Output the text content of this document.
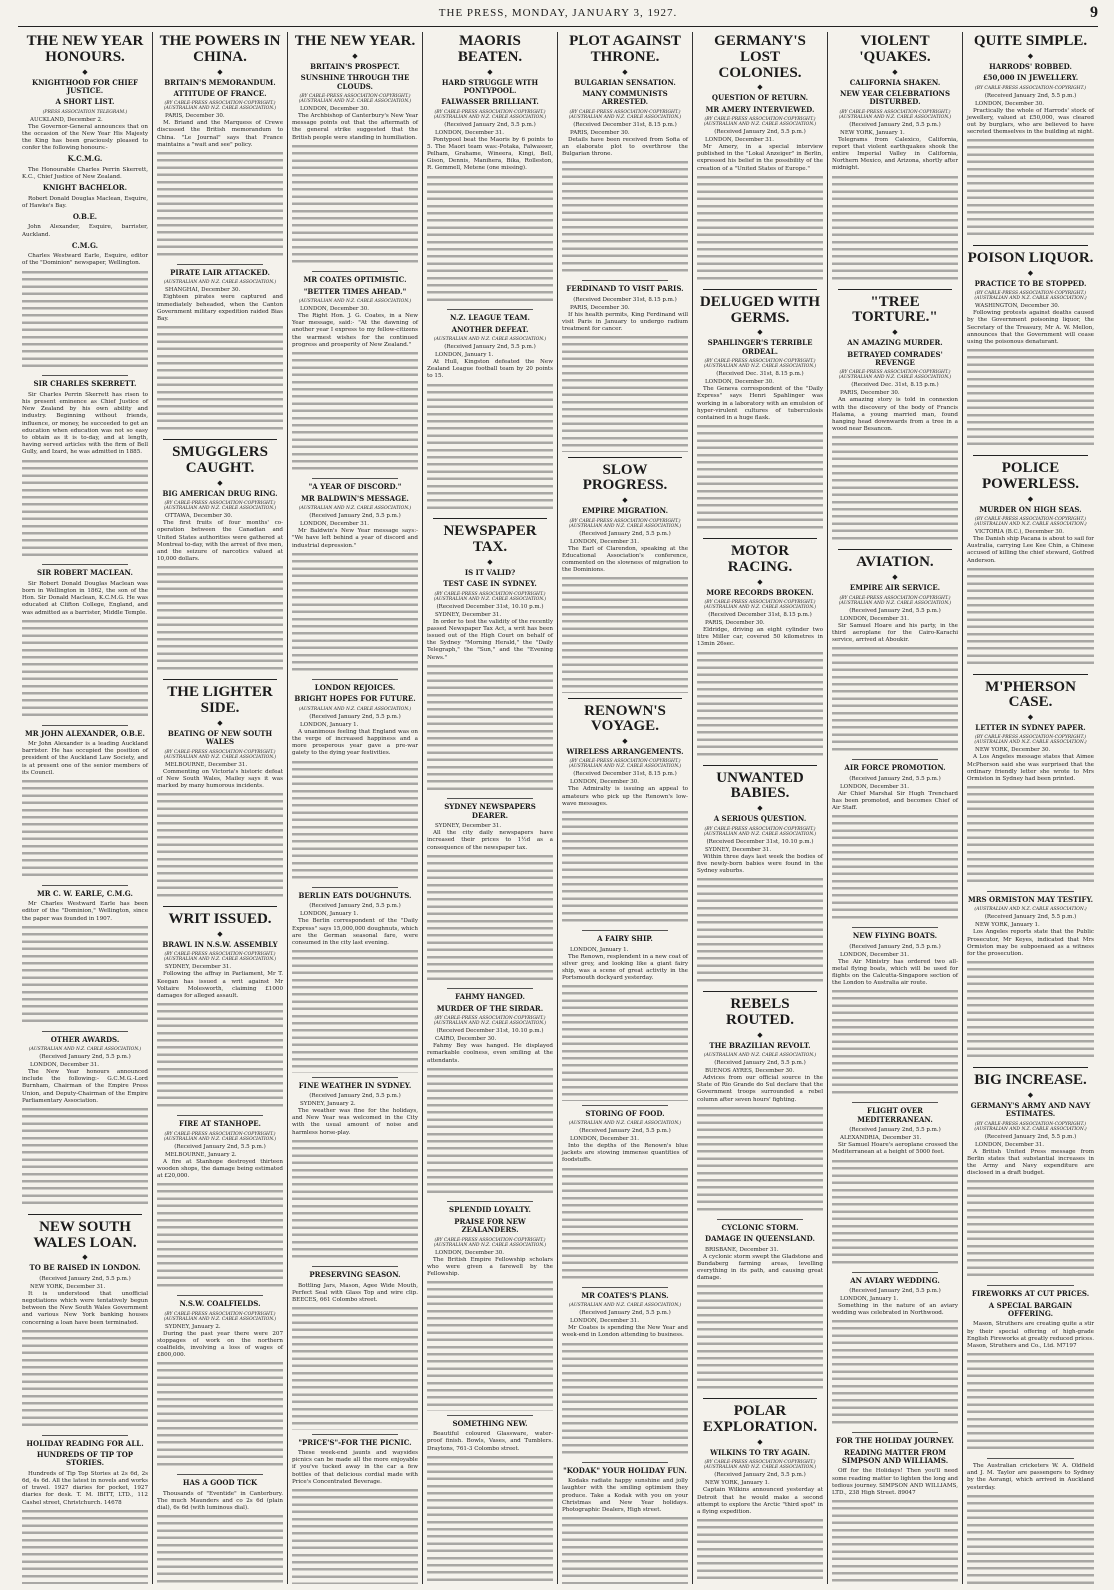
THE PRESS, MONDAY, JANUARY 3, 1927.	9
THE NEW YEAR HONOURS.
◆
KNIGHTHOOD FOR CHIEF JUSTICE.
A SHORT LIST.
(PRESS ASSOCIATION TELEGRAM.)
AUCKLAND, December 2.

The Governor-General announces that on the occasion of the New Year His Majesty the King has been graciously pleased to confer the following honours:-

K.C.M.G.

The Honourable Charles Perrin Skerrett, K.C., Chief Justice of New Zealand.

KNIGHT BACHELOR.

Robert Donald Douglas Maclean, Esquire, of Hawke's Bay.

O.B.E.

John Alexander, Esquire, barrister, Auckland.

C.M.G.

Charles Westward Earle, Esquire, editor of the "Dominion" newspaper, Wellington.

SIR CHARLES SKERRETT.

Sir Charles Perrin Skerrett has risen to his present eminence as Chief Justice of New Zealand by his own ability and industry. Beginning without friends, influence, or money, he succeeded to get an education when education was not so easy to obtain as it is to-day, and at length, having served articles with the firm of Bell Gully, and Izard, he was admitted in 1885.

SIR ROBERT MACLEAN.

Sir Robert Donald Douglas Maclean was born in Wellington in 1862, the son of the Hon. Sir Donald Maclean, K.C.M.G. He was educated at Clifton College, England, and was admitted as a barrister, Middle Temple.

MR JOHN ALEXANDER, O.B.E.

Mr John Alexander is a leading Auckland barrister. He has occupied the position of president of the Auckland Law Society, and is at present one of the senior members of its Council.

MR C. W. EARLE, C.M.G.

Mr Charles Westward Earle has been editor of the "Dominion," Wellington, since the paper was founded in 1907.

OTHER AWARDS.
(AUSTRALIAN AND N.Z. CABLE ASSOCIATION.)
(Received January 2nd, 5.5 p.m.)
LONDON, December 31.

The New Year honours announced include the following:- G.C.M.G.-Lord Burnham, Chairman of the Empire Press Union, and Deputy-Chairman of the Empire Parliamentary Association.

NEW SOUTH WALES LOAN.
◆
TO BE RAISED IN LONDON.
(Received January 2nd, 5.5 p.m.)
NEW YORK, December 31.

It is understood that unofficial negotiations which were tentatively begun between the New South Wales Government and various New York banking houses concerning a loan have been terminated.

HOLIDAY READING FOR ALL.
HUNDREDS OF TIP TOP STORIES.

Hundreds of Tip Top Stories at 2s 6d, 2s 6d, 4s 6d. All the latest in novels and works of travel. 1927 diaries for pocket, 1927 diaries for desk. T. M. IBITT, LTD., 112 Cashel street, Christchurch. 14678

THE POWERS IN CHINA.
◆
BRITAIN'S MEMORANDUM.
ATTITUDE OF FRANCE.
(BY CABLE-PRESS ASSOCIATION-COPYRIGHT.) (AUSTRALIAN AND N.Z. CABLE ASSOCIATION.)
PARIS, December 30.

M. Briand and the Marquess of Crewe discussed the British memorandum to China. "Le Journal" says that France maintains a "wait and see" policy.

PIRATE LAIR ATTACKED.
(AUSTRALIAN AND N.Z. CABLE ASSOCIATION.)
SHANGHAI, December 30.

Eighteen pirates were captured and immediately beheaded, when the Canton Government military expedition raided Bias Bay.

SMUGGLERS CAUGHT.
◆
BIG AMERICAN DRUG RING.
(BY CABLE-PRESS ASSOCIATION-COPYRIGHT.) (AUSTRALIAN AND N.Z. CABLE ASSOCIATION.)
OTTAWA, December 30.

The first fruits of four months' co-operation between the Canadian and United States authorities were gathered at Montreal to-day, with the arrest of five men, and the seizure of narcotics valued at 10,000 dollars.

THE LIGHTER SIDE.
◆
BEATING OF NEW SOUTH WALES
(BY CABLE-PRESS ASSOCIATION-COPYRIGHT.) (AUSTRALIAN AND N.Z. CABLE ASSOCIATION.)
MELBOURNE, December 31.

Commenting on Victoria's historic defeat of New South Wales, Mailey says it was marked by many humorous incidents.

WRIT ISSUED.
◆
BRAWL IN N.S.W. ASSEMBLY
(BY CABLE-PRESS ASSOCIATION-COPYRIGHT.) (AUSTRALIAN AND N.Z. CABLE ASSOCIATION.)
SYDNEY, December 31.

Following the affray in Parliament, Mr T. Keegan has issued a writ against Mr Voltaire Molesworth, claiming £1000 damages for alleged assault.

FIRE AT STANHOPE.
(BY CABLE-PRESS ASSOCIATION-COPYRIGHT.) (AUSTRALIAN AND N.Z. CABLE ASSOCIATION.)
(Received January 2nd, 5.5 p.m.)
MELBOURNE, January 2.

A fire at Stanhope destroyed thirteen wooden shops, the damage being estimated at £20,000.

N.S.W. COALFIELDS.
(BY CABLE-PRESS ASSOCIATION-COPYRIGHT.) (AUSTRALIAN AND N.Z. CABLE ASSOCIATION.)
SYDNEY, January 2.

During the past year there were 207 stoppages of work on the northern coalfields, involving a loss of wages of £800,000.

HAS A GOOD TICK

Thousands of "Eventide" in Canterbury. The much Maunders and co 2s 6d (plain dial), 6s 6d (with luminous dial).

THE NEW YEAR.
◆
BRITAIN'S PROSPECT.
SUNSHINE THROUGH THE CLOUDS.
(BY CABLE-PRESS ASSOCIATION-COPYRIGHT.) (AUSTRALIAN AND N.Z. CABLE ASSOCIATION.)
LONDON, December 30.

The Archbishop of Canterbury's New Year message points out that the aftermath of the general strike suggested that the British people were standing in humiliation.

MR COATES OPTIMISTIC.
"BETTER TIMES AHEAD."
(AUSTRALIAN AND N.Z. CABLE ASSOCIATION.)
LONDON, December 30.

The Right Hon. J. G. Coates, in a New Year message, said:- "At the dawning of another year I express to my fellow-citizens the warmest wishes for the continued progress and prosperity of New Zealand."

"A YEAR OF DISCORD."
MR BALDWIN'S MESSAGE.
(AUSTRALIAN AND N.Z. CABLE ASSOCIATION.)
(Received January 2nd, 5.5 p.m.)
LONDON, December 31.

Mr Baldwin's New Year message says:- "We have left behind a year of discord and industrial depression."

LONDON REJOICES.
BRIGHT HOPES FOR FUTURE.
(AUSTRALIAN AND N.Z. CABLE ASSOCIATION.)
(Received January 2nd, 5.5 p.m.)
LONDON, January 1.

A unanimous feeling that England was on the verge of increased happiness and a more prosperous year gave a pre-war gaiety to the dying year festivities.

BERLIN EATS DOUGHNUTS.
(Received January 2nd, 5.5 p.m.)
LONDON, January 1.

The Berlin correspondent of the "Daily Express" says 15,000,000 doughnuts, which are the German seasonal fare, were consumed in the city last evening.

FINE WEATHER IN SYDNEY.
(Received January 2nd, 5.5 p.m.)
SYDNEY, January 2.

The weather was fine for the holidays, and New Year was welcomed in the City with the usual amount of noise and harmless horse-play.

PRESERVING SEASON.

Bottling Jars, Mason, Agee Wide Mouth, Perfect Seal with Glass Top and wire clip. BEECES, 661 Colombo street.

"PRICE'S"-FOR THE PICNIC.

These week-end jaunts and waysides picnics can be made all the more enjoyable if you've tucked away in the car a few bottles of that delicious cordial made with Price's Concentrated Beverage.

MAORIS BEATEN.
◆
HARD STRUGGLE WITH PONTYPOOL.
FALWASSER BRILLIANT.
(BY CABLE-PRESS ASSOCIATION-COPYRIGHT.) (AUSTRALIAN AND N.Z. CABLE ASSOCIATION.)
(Received January 2nd, 5.5 p.m.)
LONDON, December 31.

Pontypool beat the Maoris by 6 points to 5. The Maori team was:-Potaka, Falwasser, Pelham, Grahame, Wineera, Kingi, Bell, Gison, Dennis, Manihera, Bika, Rolleston, R. Gemmell, Metene (one missing).

N.Z. LEAGUE TEAM.
ANOTHER DEFEAT.
(AUSTRALIAN AND N.Z. CABLE ASSOCIATION.)
(Received January 2nd, 5.5 p.m.)
LONDON, January 1.

At Hull, Kingston defeated the New Zealand League football team by 20 points to 15.

NEWSPAPER TAX.
◆
IS IT VALID?
TEST CASE IN SYDNEY.
(BY CABLE-PRESS ASSOCIATION-COPYRIGHT.) (AUSTRALIAN AND N.Z. CABLE ASSOCIATION.)
(Received December 31st, 10.10 p.m.)
SYDNEY, December 31.

In order to test the validity of the recently passed Newspaper Tax Act, a writ has been issued out of the High Court on behalf of the Sydney "Morning Herald," the "Daily Telegraph," the "Sun," and the "Evening News."

SYDNEY NEWSPAPERS DEARER.
SYDNEY, December 31.

All the city daily newspapers have increased their prices to 1½d as a consequence of the newspaper tax.

FAHMY HANGED.
MURDER OF THE SIRDAR.
(BY CABLE-PRESS ASSOCIATION-COPYRIGHT.) (AUSTRALIAN AND N.Z. CABLE ASSOCIATION.)
(Received December 31st, 10.10 p.m.)
CAIRO, December 30.

Fahmy Bey was hanged. He displayed remarkable coolness, even smiling at the attendants.

SPLENDID LOYALTY.
PRAISE FOR NEW ZEALANDERS.
(BY CABLE-PRESS ASSOCIATION-COPYRIGHT.) (AUSTRALIAN AND N.Z. CABLE ASSOCIATION.)
LONDON, December 30.

The British Empire Fellowship scholars who were given a farewell by the Fellowship.

SOMETHING NEW.

Beautiful coloured Glassware, water-proof finish. Bowls, Vases, and Tumblers. Draytons, 761-3 Colombo street.

PLOT AGAINST THRONE.
◆
BULGARIAN SENSATION.
MANY COMMUNISTS ARRESTED.
(BY CABLE-PRESS ASSOCIATION-COPYRIGHT.) (AUSTRALIAN AND N.Z. CABLE ASSOCIATION.)
(Received December 31st, 8.15 p.m.)
PARIS, December 30.

Details have been received from Sofia of an elaborate plot to overthrow the Bulgarian throne.

FERDINAND TO VISIT PARIS.
(Received December 31st, 8.15 p.m.)
PARIS, December 30.

If his health permits, King Ferdinand will visit Paris in January to undergo radium treatment for cancer.

SLOW PROGRESS.
◆
EMPIRE MIGRATION.
(BY CABLE-PRESS ASSOCIATION-COPYRIGHT.) (AUSTRALIAN AND N.Z. CABLE ASSOCIATION.)
(Received January 2nd, 5.5 p.m.)
LONDON, December 31.

The Earl of Clarendon, speaking at the Educational Association's conference, commented on the slowness of migration to the Dominions.

RENOWN'S VOYAGE.
◆
WIRELESS ARRANGEMENTS.
(BY CABLE-PRESS ASSOCIATION-COPYRIGHT.) (AUSTRALIAN AND N.Z. CABLE ASSOCIATION.)
(Received December 31st, 8.15 p.m.)
LONDON, December 30.

The Admiralty is issuing an appeal to amateurs who pick up the Renown's low-wave messages.

A FAIRY SHIP.
LONDON, January 1.

The Renown, resplendent in a new coat of silver grey, and looking like a giant fairy ship, was a scene of great activity in the Portsmouth dockyard yesterday.

STORING OF FOOD.
(AUSTRALIAN AND N.Z. CABLE ASSOCIATION.)
(Received January 2nd, 5.5 p.m.)
LONDON, December 31.

Into the depths of the Renown's blue jackets are stowing immense quantities of foodstuffs.

MR COATES'S PLANS.
(AUSTRALIAN AND N.Z. CABLE ASSOCIATION.)
(Received January 2nd, 5.5 p.m.)
LONDON, December 31.

Mr Coates is spending the New Year and week-end in London attending to business.

"KODAK" YOUR HOLIDAY FUN.

Kodaks radiate happy sunshine and jolly laughter with the smiling optimism they produce. Take a Kodak with you on your Christmas and New Year holidays. Photographic Dealers, High street.

GERMANY'S LOST COLONIES.
◆
QUESTION OF RETURN.
MR AMERY INTERVIEWED.
(BY CABLE-PRESS ASSOCIATION-COPYRIGHT.) (AUSTRALIAN AND N.Z. CABLE ASSOCIATION.)
(Received January 2nd, 5.5 p.m.)
LONDON, December 31.

Mr Amery, in a special interview published in the "Lokal Anzeiger" in Berlin, expressed his belief in the possibility of the creation of a "United States of Europe."

DELUGED WITH GERMS.
◆
SPAHLINGER'S TERRIBLE ORDEAL.
(BY CABLE-PRESS ASSOCIATION-COPYRIGHT.) (AUSTRALIAN AND N.Z. CABLE ASSOCIATION.)
(Received Dec. 31st, 8.15 p.m.)
LONDON, December 30.

The Geneva correspondent of the "Daily Express" says Henri Spahlinger was working in a laboratory with an emulsion of hyper-virulent cultures of tuberculosis contained in a huge flask.

MOTOR RACING.
◆
MORE RECORDS BROKEN.
(BY CABLE-PRESS ASSOCIATION-COPYRIGHT.) (AUSTRALIAN AND N.Z. CABLE ASSOCIATION.)
(Received December 31st, 8.15 p.m.)
PARIS, December 30.

Eldridge, driving an eight cylinder two litre Miller car, covered 50 kilometres in 13min 26sec.

UNWANTED BABIES.
◆
A SERIOUS QUESTION.
(BY CABLE-PRESS ASSOCIATION-COPYRIGHT.) (AUSTRALIAN AND N.Z. CABLE ASSOCIATION.)
(Received December 31st, 10.10 p.m.)
SYDNEY, December 31.

Within three days last week the bodies of five newly-born babies were found in the Sydney suburbs.

REBELS ROUTED.
◆
THE BRAZILIAN REVOLT.
(AUSTRALIAN AND N.Z. CABLE ASSOCIATION.)
(Received January 2nd, 5.5 p.m.)
BUENOS AYRES, December 30.

Advices from our official source in the State of Rio Grande do Sul declare that the Government troops surrounded a rebel column after seven hours' fighting.

CYCLONIC STORM.
DAMAGE IN QUEENSLAND.
BRISBANE, December 31.

A cyclonic storm swept the Gladstone and Bundaberg farming areas, levelling everything in its path, and causing great damage.

POLAR EXPLORATION.
◆
WILKINS TO TRY AGAIN.
(BY CABLE-PRESS ASSOCIATION-COPYRIGHT.) (AUSTRALIAN AND N.Z. CABLE ASSOCIATION.)
(Received January 2nd, 5.5 p.m.)
NEW YORK, January 1.

Captain Wilkins announced yesterday at Detroit that he would make a second attempt to explore the Arctic "third spot" in a flying expedition.

VIOLENT 'QUAKES.
◆
CALIFORNIA SHAKEN.
NEW YEAR CELEBRATIONS DISTURBED.
(BY CABLE-PRESS ASSOCIATION-COPYRIGHT.) (AUSTRALIAN AND N.Z. CABLE ASSOCIATION.)
(Received January 2nd, 5.5 p.m.)
NEW YORK, January 1.

Telegrams from Calexico, California, report that violent earthquakes shook the entire Imperial Valley in California, Northern Mexico, and Arizona, shortly after midnight.

"TREE TORTURE."
◆
AN AMAZING MURDER.
BETRAYED COMRADES' REVENGE
(BY CABLE-PRESS ASSOCIATION-COPYRIGHT.) (AUSTRALIAN AND N.Z. CABLE ASSOCIATION.)
(Received Dec. 31st, 8.15 p.m.)
PARIS, December 30.

An amazing story is told in connexion with the discovery of the body of Francis Halama, a young married man, found hanging head downwards from a tree in a wood near Besancon.

AVIATION.
◆
EMPIRE AIR SERVICE.
(BY CABLE-PRESS ASSOCIATION-COPYRIGHT.) (AUSTRALIAN AND N.Z. CABLE ASSOCIATION.)
(Received January 2nd, 5.5 p.m.)
LONDON, December 31.

Sir Samuel Hoare and his party, in the third aeroplane for the Cairo-Karachi service, arrived at Aboukir.

AIR FORCE PROMOTION.
(Received January 2nd, 5.5 p.m.)
LONDON, December 31.

Air Chief Marshal Sir Hugh Trenchard has been promoted, and becomes Chief of Air Staff.

NEW FLYING BOATS.
(Received January 2nd, 5.5 p.m.)
LONDON, December 31.

The Air Ministry has ordered two all-metal flying boats, which will be used for flights on the Calcutta-Singapore section of the London to Australia air route.

FLIGHT OVER MEDITERRANEAN.
(Received January 2nd, 5.5 p.m.)
ALEXANDRIA, December 31.

Sir Samuel Hoare's aeroplane crossed the Mediterranean at a height of 5000 feet.

AN AVIARY WEDDING.
(Received January 2nd, 5.5 p.m.)
LONDON, January 1.

Something in the nature of an aviary wedding was celebrated in Northwood.

FOR THE HOLIDAY JOURNEY.
READING MATTER FROM SIMPSON AND WILLIAMS.

Off for the Holidays! Then you'll need some reading matter to lighten the long and tedious journey. SIMPSON AND WILLIAMS, LTD., 238 High Street. 89047

QUITE SIMPLE.
◆
HARRODS' ROBBED.
£50,000 IN JEWELLERY.
(BY CABLE-PRESS ASSOCIATION-COPYRIGHT.)
(Received January 2nd, 5.5 p.m.)
LONDON, December 30.

Practically the whole of Harrods' stock of jewellery, valued at £50,000, was cleared out by burglars, who are believed to have secreted themselves in the building at night.

POISON LIQUOR.
◆
PRACTICE TO BE STOPPED.
(BY CABLE-PRESS ASSOCIATION-COPYRIGHT.) (AUSTRALIAN AND N.Z. CABLE ASSOCIATION.)
WASHINGTON, December 30.

Following protests against deaths caused by the Government poisoning liquor, the Secretary of the Treasury, Mr A. W. Mellon, announces that the Government will cease using the poisonous denaturant.

POLICE POWERLESS.
◆
MURDER ON HIGH SEAS.
(BY CABLE-PRESS ASSOCIATION-COPYRIGHT.) (AUSTRALIAN AND N.Z. CABLE ASSOCIATION.)
VICTORIA (B.C.), December 30.

The Danish ship Pacana is about to sail for Australia, carrying Lee Kee Chin, a Chinese accused of killing the chief steward, Gotfred Anderson.

M'PHERSON CASE.
◆
LETTER IN SYDNEY PAPER.
(BY CABLE-PRESS ASSOCIATION-COPYRIGHT.) (AUSTRALIAN AND N.Z. CABLE ASSOCIATION.)
NEW YORK, December 30.

A Los Angeles message states that Aimee McPherson said she was surprised that the ordinary friendly letter she wrote to Mrs Ormiston in Sydney had been printed.

MRS ORMISTON MAY TESTIFY.
(AUSTRALIAN AND N.Z. CABLE ASSOCIATION.)
(Received January 2nd, 5.5 p.m.)
NEW YORK, January 1.

Los Angeles reports state that the Public Prosecutor, Mr Keyes, indicated that Mrs Ormiston may be subpoenaed as a witness for the prosecution.

BIG INCREASE.
◆
GERMANY'S ARMY AND NAVY ESTIMATES.
(BY CABLE-PRESS ASSOCIATION-COPYRIGHT.) (AUSTRALIAN AND N.Z. CABLE ASSOCIATION.)
(Received January 2nd, 5.5 p.m.)
LONDON, December 31.

A British United Press message from Berlin states that substantial increases in the Army and Navy expenditure are disclosed in a draft budget.

FIREWORKS AT CUT PRICES.
A SPECIAL BARGAIN OFFERING.

Mason, Struthers are creating quite a stir by their special offering of high-grade English Fireworks at greatly reduced prices. Mason, Struthers and Co., Ltd. M7197

The Australian cricketers W. A. Oldfield and J. M. Taylor are passengers to Sydney by the Aorangi, which arrived in Auckland yesterday.
